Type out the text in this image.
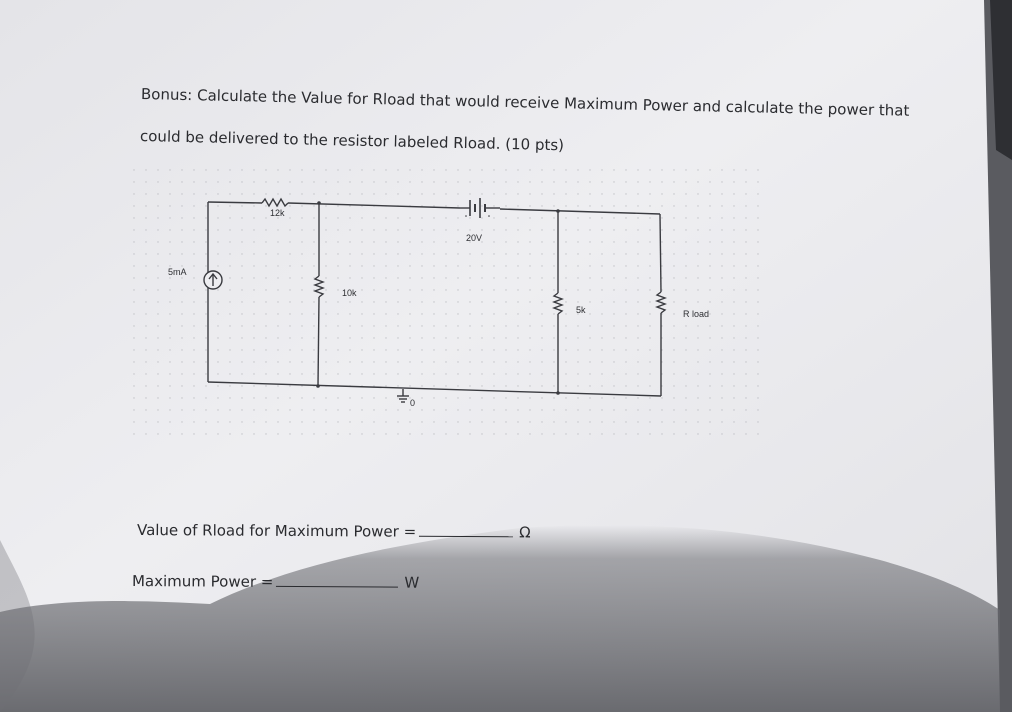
5mA
12k
10k
20V
5k	R load
0
Bonus: Calculate the Value for Rload that would receive Maximum Power and calculate the power that
could be delivered to the resistor labeled Rload. (10 pts)
Value of Rload for Maximum Power =	Ω
Maximum Power =	W
